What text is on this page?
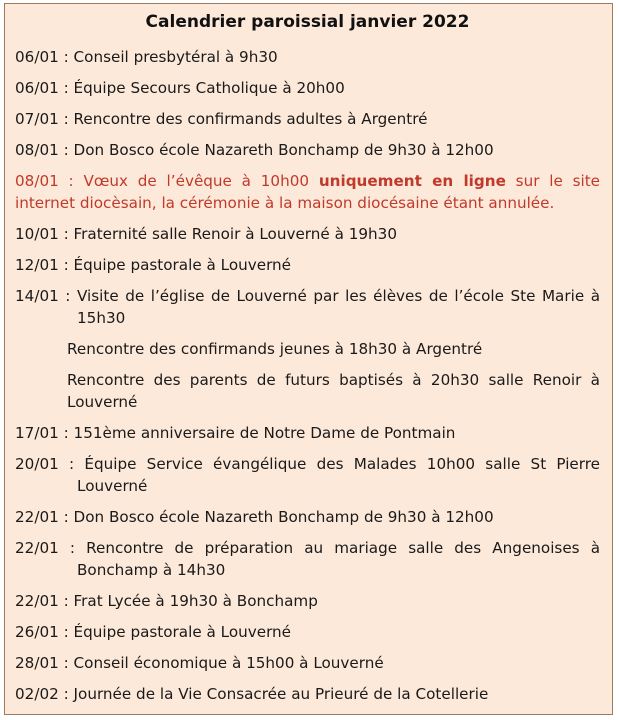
Calendrier paroissial janvier 2022
06/01 : Conseil presbytéral à 9h30
06/01 : Équipe Secours Catholique à 20h00
07/01 : Rencontre des confirmands adultes à Argentré
08/01 : Don Bosco école Nazareth Bonchamp de 9h30 à 12h00
08/01 : Vœux de l’évêque à 10h00 uniquement en ligne sur le site internet diocèsain, la cérémonie à la maison diocésaine étant annulée.
10/01 : Fraternité salle Renoir à Louverné à 19h30
12/01 : Équipe pastorale à Louverné
14/01 : Visite de l’église de Louverné par les élèves de l’école Ste Marie à 15h30
Rencontre des confirmands jeunes à 18h30 à Argentré
Rencontre des parents de futurs baptisés à 20h30 salle Renoir à Louverné
17/01 : 151ème anniversaire de Notre Dame de Pontmain
20/01 : Équipe Service évangélique des Malades 10h00 salle St Pierre Louverné
22/01 : Don Bosco école Nazareth Bonchamp de 9h30 à 12h00
22/01 : Rencontre de préparation au mariage salle des Angenoises à Bonchamp à 14h30
22/01 : Frat Lycée à 19h30 à Bonchamp
26/01 : Équipe pastorale à Louverné
28/01 : Conseil économique à 15h00 à Louverné
02/02 : Journée de la Vie Consacrée au Prieuré de la Cotellerie
